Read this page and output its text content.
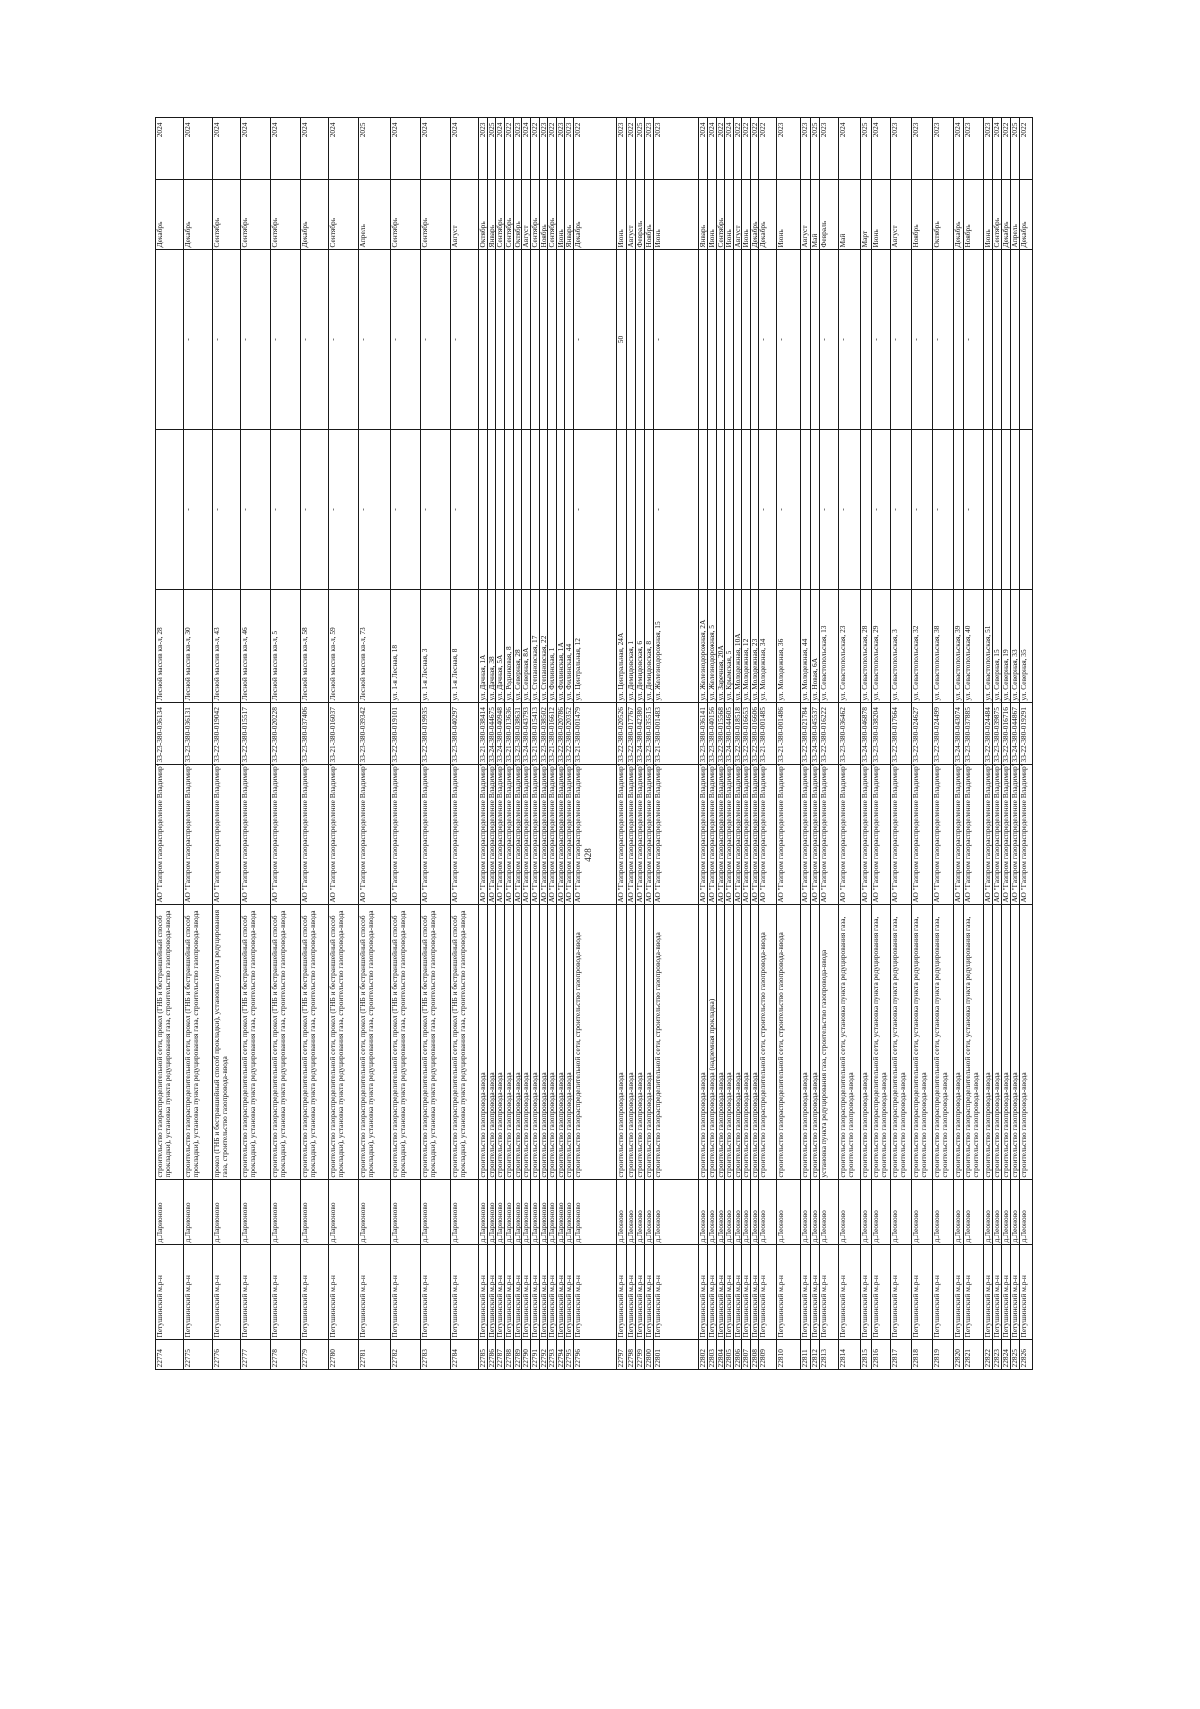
428
22774	Петушинский м.р-н	д.Ларионово	строительство газораспределительной сети, прокол (ГНБ и бестраншейный способ прокладки), установка пункта редуцирования газа, строительство газопровода-ввода	АО "Газпром газораспределение Владимир"	33-23-380-036134	Лесной массив кв-л, 28			Декабрь	2024

22775	Петушинский м.р-н	д.Ларионово	строительство газораспределительной сети, прокол (ГНБ и бестраншейный способ прокладки), установка пункта редуцирования газа, строительство газопровода-ввода	АО "Газпром газораспределение Владимир"	33-23-380-036131	Лесной массив кв-л, 30	-	-	Декабрь	2024

22776	Петушинский м.р-н	д.Ларионово	прокол (ГНБ и бестраншейный способ прокладки), установка пункта редуцирования газа, строительство газопровода-ввода	АО "Газпром газораспределение Владимир"	33-22-380-019042	Лесной массив кв-л, 43	-	-	Сентябрь	2024

22777	Петушинский м.р-н	д.Ларионово	строительство газораспределительной сети, прокол (ГНБ и бестраншейный способ прокладки), установка пункта редуцирования газа, строительство газопровода-ввода	АО "Газпром газораспределение Владимир"	33-22-380-015517	Лесной массив кв-л, 46	-	-	Сентябрь	2024

22778	Петушинский м.р-н	д.Ларионово	строительство газораспределительной сети, прокол (ГНБ и бестраншейный способ прокладки), установка пункта редуцирования газа, строительство газопровода-ввода	АО "Газпром газораспределение Владимир"	33-22-380-020228	Лесной массив кв-л, 5	-	-	Сентябрь	2024

22779	Петушинский м.р-н	д.Ларионово	строительство газораспределительной сети, прокол (ГНБ и бестраншейный способ прокладки), установка пункта редуцирования газа, строительство газопровода-ввода	АО "Газпром газораспределение Владимир"	33-23-380-037406	Лесной массив кв-л, 58	-	-	Декабрь	2024

22780	Петушинский м.р-н	д.Ларионово	строительство газораспределительной сети, прокол (ГНБ и бестраншейный способ прокладки), установка пункта редуцирования газа, строительство газопровода-ввода	АО "Газпром газораспределение Владимир"	33-21-380-016037	Лесной массив кв-л, 59	-	-	Сентябрь	2024

22781	Петушинский м.р-н	д.Ларионово	строительство газораспределительной сети, прокол (ГНБ и бестраншейный способ прокладки), установка пункта редуцирования газа, строительство газопровода-ввода	АО "Газпром газораспределение Владимир"	33-23-380-039342	Лесной массив кв-л, 73	-	-	Апрель	2025

22782	Петушинский м.р-н	д.Ларионово	строительство газораспределительной сети, прокол (ГНБ и бестраншейный способ прокладки), установка пункта редуцирования газа, строительство газопровода-ввода	АО "Газпром газораспределение Владимир"	33-22-380-019101	ул. 1-я Лесная, 18	-	-	Сентябрь	2024

22783	Петушинский м.р-н	д.Ларионово	строительство газораспределительной сети, прокол (ГНБ и бестраншейный способ прокладки), установка пункта редуцирования газа, строительство газопровода-ввода	АО "Газпром газораспределение Владимир"	33-22-380-019935	ул. 1-я Лесная, 3	-	-	Сентябрь	2024

22784	Петушинский м.р-н	д.Ларионово	строительство газораспределительной сети, прокол (ГНБ и бестраншейный способ прокладки), установка пункта редуцирования газа, строительство газопровода-ввода	АО "Газпром газораспределение Владимир"	33-23-380-040297	ул. 1-я Лесная, 8	-	-	Август	2024

22785	Петушинский м.р-н	д.Ларионово	строительство газопровода-ввода	АО "Газпром газораспределение Владимир"	33-21-380-038414	ул. Дачная, 1А			Октябрь	2023

22786	Петушинский м.р-н	д.Ларионово	строительство газопровода-ввода	АО "Газпром газораспределение Владимир"	33-24-380-044675	ул. Дачная, 38			Январь	2025

22787	Петушинский м.р-н	д.Ларионово	строительство газопровода-ввода	АО "Газпром газораспределение Владимир"	33-24-380-040948	ул. Дачная, 5А			Сентябрь	2024

22788	Петушинский м.р-н	д.Ларионово	строительство газопровода-ввода	АО "Газпром газораспределение Владимир"	33-21-380-013636	ул. Родниковая, 8			Сентябрь	2022

22789	Петушинский м.р-н	д.Ларионово	строительство газопровода-ввода	АО "Газпром газораспределение Владимир"	33-23-380-038631	ул. Северная, 28			Октябрь	2023

22790	Петушинский м.р-н	д.Ларионово	строительство газопровода-ввода	АО "Газпром газораспределение Владимир"	33-24-380-043793	ул. Северная, 8А			Август	2024

22791	Петушинский м.р-н	д.Ларионово	строительство газопровода-ввода	АО "Газпром газораспределение Владимир"	33-21-380-015413	ул. Степановская, 17			Сентябрь	2022

22792	Петушинский м.р-н	д.Ларионово	строительство газопровода-ввода	АО "Газпром газораспределение Владимир"	33-23-380-038502	ул. Степановская, 22			Ноябрь	2023

22793	Петушинский м.р-н	д.Ларионово	строительство газопровода-ввода	АО "Газпром газораспределение Владимир"	33-21-380-016612	ул. Филинская, 1			Сентябрь	2022

22794	Петушинский м.р-н	д.Ларионово	строительство газопровода-ввода	АО "Газпром газораспределение Владимир"	33-22-380-020786	ул. Филинская, 1А			Июнь	2023

22795	Петушинский м.р-н	д.Ларионово	строительство газопровода-ввода	АО "Газпром газораспределение Владимир"	33-22-380-020352	ул. Филинская, 44			Январь	2023

22796	Петушинский м.р-н	д.Ларионово	строительство газораспределительной сети, строительство газопровода-ввода	АО "Газпром газораспределение Владимир"	33-21-380-001479	ул. Центральная, 12	-	-	Декабрь	2022

22797	Петушинский м.р-н	д.Леоново	строительство газопровода-ввода	АО "Газпром газораспределение Владимир"	33-22-380-020526	ул. Центральная, 24А		50	Июнь	2023

22798	Петушинский м.р-н	д.Леоново	строительство газопровода-ввода	АО "Газпром газораспределение Владимир"	33-22-380-017767	ул. Демидовская, 1			Август	2022

22799	Петушинский м.р-н	д.Леоново	строительство газопровода-ввода	АО "Газпром газораспределение Владимир"	33-24-380-042380	ул. Демидовская, 6			Февраль	2025

22800	Петушинский м.р-н	д.Леоново	строительство газопровода-ввода	АО "Газпром газораспределение Владимир"	33-23-380-035515	ул. Демидовская, 8			Ноябрь	2023

22801	Петушинский м.р-н	д.Леоново	строительство газораспределительной сети, строительство газопровода-ввода	АО "Газпром газораспределение Владимир"	33-21-380-001483	ул. Железнодорожная, 15	-	-	Июнь	2023

22802	Петушинский м.р-н	д.Леоново	строительство газопровода-ввода	АО "Газпром газораспределение Владимир"	33-23-380-036141	ул. Железнодорожная, 2А			Январь	2024

22803	Петушинский м.р-н	д.Леоново	строительство газопровода-ввода (надземная прокладка)	АО "Газпром газораспределение Владимир"	33-23-380-040156	ул. Железнодорожная, 5			Июнь	2024

22804	Петушинский м.р-н	д.Леоново	строительство газопровода-ввода	АО "Газпром газораспределение Владимир"	33-22-380-015568	ул. Заречная, 20А			Сентябрь	2022

22805	Петушинский м.р-н	д.Леоново	строительство газопровода-ввода	АО "Газпром газораспределение Владимир"	33-24-380-044605	ул. Крымская, 5			Июнь	2024

22806	Петушинский м.р-н	д.Леоново	строительство газопровода-ввода	АО "Газпром газораспределение Владимир"	33-22-380-018518	ул. Молодежная, 10А			Август	2022

22807	Петушинский м.р-н	д.Леоново	строительство газопровода-ввода	АО "Газпром газораспределение Владимир"	33-22-380-016653	ул. Молодежная, 12			Июнь	2022

22808	Петушинский м.р-н	д.Леоново	строительство газопровода-ввода	АО "Газпром газораспределение Владимир"	33-22-380-016606	ул. Молодежная, 23			Декабрь	2022

22809	Петушинский м.р-н	д.Леоново	строительство газораспределительной сети, строительство газопровода-ввода	АО "Газпром газораспределение Владимир"	33-21-380-001485	ул. Молодежная, 34	-	-	Декабрь	2022

22810	Петушинский м.р-н	д.Леоново	строительство газораспределительной сети, строительство газопровода-ввода	АО "Газпром газораспределение Владимир"	33-21-380-001486	ул. Молодежная, 36	-	-	Июнь	2023

22811	Петушинский м.р-н	д.Леоново	строительство газопровода-ввода	АО "Газпром газораспределение Владимир"	33-22-380-021784	ул. Молодежная, 44			Август	2023

22812	Петушинский м.р-н	д.Леоново	строительство газопровода-ввода	АО "Газпром газораспределение Владимир"	33-24-380-045537	ул. Новая, 6А			Май	2025

22813	Петушинский м.р-н	д.Леоново	установка пункта редуцирования газа, строительство газопровода-ввода	АО "Газпром газораспределение Владимир"	33-22-380-016222	ул. Севастопольская, 13	-	-	Февраль	2023

22814	Петушинский м.р-н	д.Леоново	строительство газораспределительной сети, установка пункта редуцирования газа, строительство газопровода-ввода	АО "Газпром газораспределение Владимир"	33-23-380-036462	ул. Севастопольская, 23	-	-	Май	2024

22815	Петушинский м.р-н	д.Леоново	строительство газопровода-ввода	АО "Газпром газораспределение Владимир"	33-24-380-046878	ул. Севастопольская, 28			Март	2025

22816	Петушинский м.р-н	д.Леоново	строительство газораспределительной сети, установка пункта редуцирования газа, строительство газопровода-ввода	АО "Газпром газораспределение Владимир"	33-23-380-038204	ул. Севастопольская, 29	-	-	Июнь	2024

22817	Петушинский м.р-н	д.Леоново	строительство газораспределительной сети, установка пункта редуцирования газа, строительство газопровода-ввода	АО "Газпром газораспределение Владимир"	33-22-380-017664	ул. Севастопольская, 3	-	-	Август	2023

22818	Петушинский м.р-н	д.Леоново	строительство газораспределительной сети, установка пункта редуцирования газа, строительство газопровода-ввода	АО "Газпром газораспределение Владимир"	33-22-380-024627	ул. Севастопольская, 32	-	-	Ноябрь	2023

22819	Петушинский м.р-н	д.Леоново	строительство газораспределительной сети, установка пункта редуцирования газа, строительство газопровода-ввода	АО "Газпром газораспределение Владимир"	33-22-380-024499	ул. Севастопольская, 38	-	-	Октябрь	2023

22820	Петушинский м.р-н	д.Леоново	строительство газопровода-ввода	АО "Газпром газораспределение Владимир"	33-24-380-043074	ул. Севастопольская, 39			Декабрь	2024

22821	Петушинский м.р-н	д.Леоново	строительство газораспределительной сети, установка пункта редуцирования газа, строительство газопровода-ввода	АО "Газпром газораспределение Владимир"	33-23-380-037885	ул. Севастопольская, 40	-	-	Ноябрь	2023

22822	Петушинский м.р-н	д.Леоново	строительство газопровода-ввода	АО "Газпром газораспределение Владимир"	33-22-380-024484	ул. Севастопольская, 51			Июнь	2023

22823	Петушинский м.р-н	д.Леоново	строительство газопровода-ввода	АО "Газпром газораспределение Владимир"	33-23-380-039875	ул. Северная, 15			Сентябрь	2024

22824	Петушинский м.р-н	д.Леоново	строительство газопровода-ввода	АО "Газпром газораспределение Владимир"	33-22-380-016716	ул. Северная, 19			Декабрь	2022

22825	Петушинский м.р-н	д.Леоново	строительство газопровода-ввода	АО "Газпром газораспределение Владимир"	33-24-380-044867	ул. Северная, 33			Апрель	2025

22826	Петушинский м.р-н	д.Леоново	строительство газопровода-ввода	АО "Газпром газораспределение Владимир"	33-22-380-019291	ул. Северная, 35			Декабрь	2022
